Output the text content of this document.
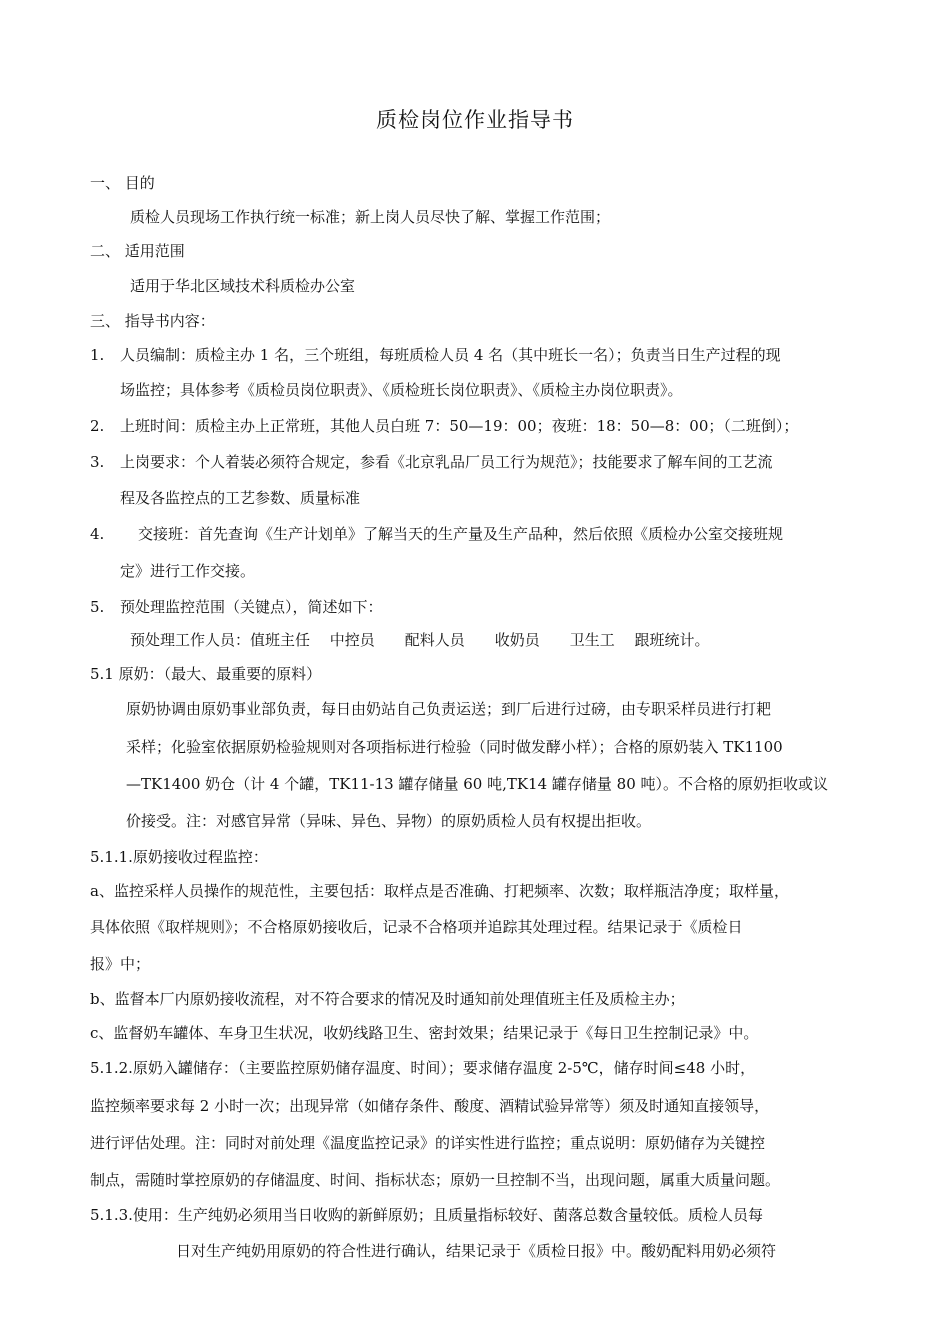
质检岗位作业指导书
一、 目的
质检人员现场工作执行统一标准；新上岗人员尽快了解、掌握工作范围；
二、 适用范围
适用于华北区域技术科质检办公室
三、 指导书内容：
1. 人员编制：质检主办 1 名，三个班组，每班质检人员 4 名（其中班长一名）；负责当日生产过程的现
场监控；具体参考《质检员岗位职责》、《质检班长岗位职责》、《质检主办岗位职责》。
2. 上班时间：质检主办上正常班，其他人员白班 7：50—19：00；夜班：18：50—8：00；（二班倒）；
3. 上岗要求：个人着装必须符合规定，参看《北京乳品厂员工行为规范》；技能要求了解车间的工艺流
程及各监控点的工艺参数、质量标准
4. 交接班：首先查询《生产计划单》了解当天的生产量及生产品种，然后依照《质检办公室交接班规
定》进行工作交接。
5. 预处理监控范围（关键点），简述如下：
预处理工作人员：值班主任　 中控员　　配料人员　　收奶员　　卫生工　 跟班统计。
5.1 原奶：（最大、最重要的原料）
原奶协调由原奶事业部负责，每日由奶站自己负责运送；到厂后进行过磅，由专职采样员进行打耙
采样；化验室依据原奶检验规则对各项指标进行检验（同时做发酵小样）；合格的原奶装入 TK1100
—TK1400 奶仓（计 4 个罐，TK11-13 罐存储量 60 吨,TK14 罐存储量 80 吨）。不合格的原奶拒收或议
价接受。注：对感官异常（异味、异色、异物）的原奶质检人员有权提出拒收。
5.1.1.原奶接收过程监控：
a、监控采样人员操作的规范性，主要包括：取样点是否准确、打耙频率、次数；取样瓶洁净度；取样量，
具体依照《取样规则》；不合格原奶接收后，记录不合格项并追踪其处理过程。结果记录于《质检日
报》中；
b、监督本厂内原奶接收流程，对不符合要求的情况及时通知前处理值班主任及质检主办；
c、监督奶车罐体、车身卫生状况，收奶线路卫生、密封效果；结果记录于《每日卫生控制记录》中。
5.1.2.原奶入罐储存：（主要监控原奶储存温度、时间）；要求储存温度 2-5℃，储存时间≤48 小时，
监控频率要求每 2 小时一次；出现异常（如储存条件、酸度、酒精试验异常等）须及时通知直接领导，
进行评估处理。注：同时对前处理《温度监控记录》的详实性进行监控；重点说明：原奶储存为关键控
制点，需随时掌控原奶的存储温度、时间、指标状态；原奶一旦控制不当，出现问题，属重大质量问题。
5.1.3.使用：生产纯奶必须用当日收购的新鲜原奶；且质量指标较好、菌落总数含量较低。质检人员每
日对生产纯奶用原奶的符合性进行确认，结果记录于《质检日报》中。酸奶配料用奶必须符
